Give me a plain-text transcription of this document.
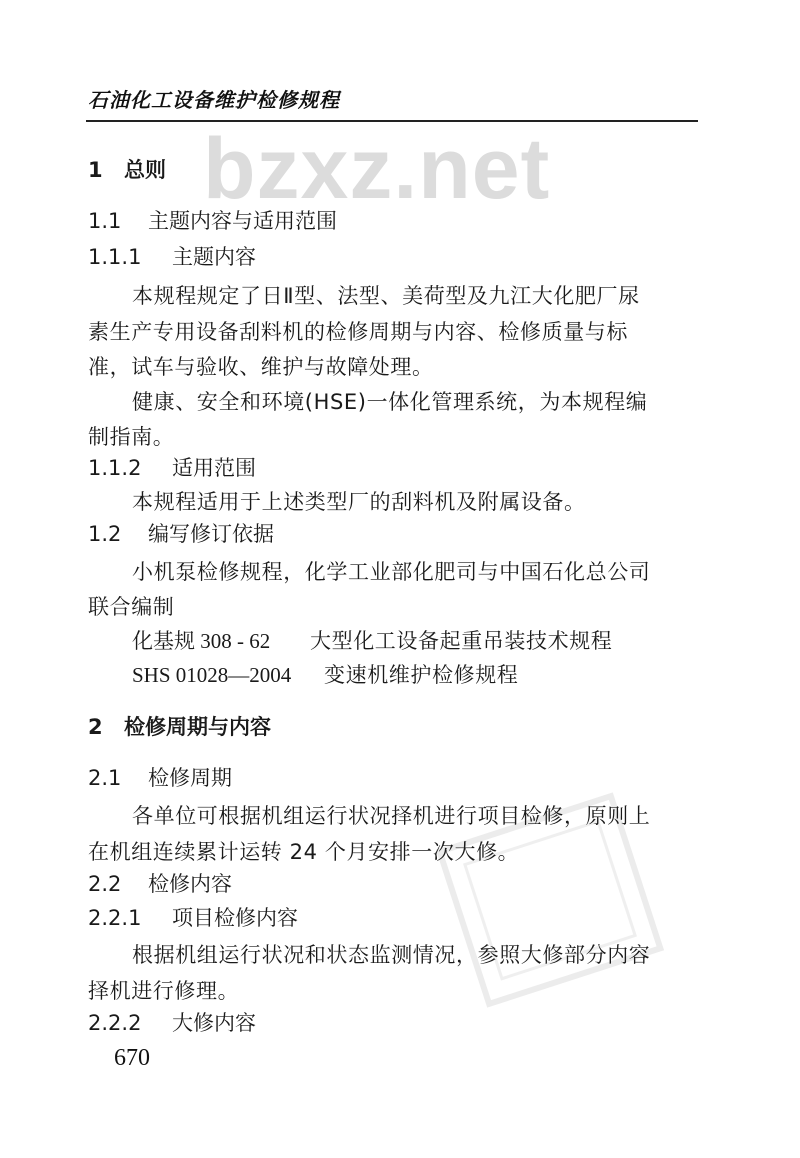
石油化工设备维护检修规程
bzxz.net
1 总则
1.1 主题内容与适用范围
1.1.1 主题内容
本规程规定了日Ⅱ型、法型、美荷型及九江大化肥厂尿
素生产专用设备刮料机的检修周期与内容、检修质量与标
准，试车与验收、维护与故障处理。
健康、安全和环境(HSE)一体化管理系统，为本规程编
制指南。
1.1.2 适用范围
本规程适用于上述类型厂的刮料机及附属设备。
1.2 编写修订依据
小机泵检修规程，化学工业部化肥司与中国石化总公司
联合编制
化基规 308 - 62 大型化工设备起重吊装技术规程
SHS 01028—2004 变速机维护检修规程
2 检修周期与内容
2.1 检修周期
各单位可根据机组运行状况择机进行项目检修，原则上
在机组连续累计运转 24 个月安排一次大修。
2.2 检修内容
2.2.1 项目检修内容
根据机组运行状况和状态监测情况，参照大修部分内容
择机进行修理。
2.2.2 大修内容
670
